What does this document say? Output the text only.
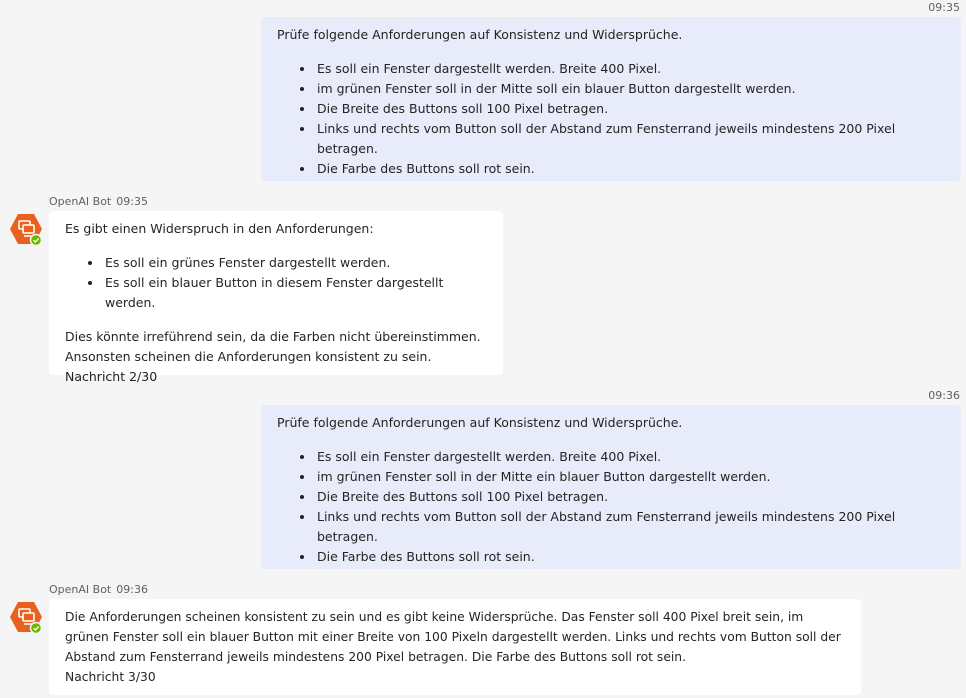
09:35

Prüfe folgende Anforderungen auf Konsistenz und Widersprüche.

• Es soll ein Fenster dargestellt werden. Breite 400 Pixel.
• im grünen Fenster soll in der Mitte soll ein blauer Button dargestellt werden.
• Die Breite des Buttons soll 100 Pixel betragen.
• Links und rechts vom Button soll der Abstand zum Fensterrand jeweils mindestens 200 Pixel betragen.
• Die Farbe des Buttons soll rot sein.
OpenAI Bot 09:35

Es gibt einen Widerspruch in den Anforderungen:

• Es soll ein grünes Fenster dargestellt werden.
• Es soll ein blauer Button in diesem Fenster dargestellt werden.

Dies könnte irreführend sein, da die Farben nicht übereinstimmen.

Ansonsten scheinen die Anforderungen konsistent zu sein.

Nachricht 2/30

09:36

Prüfe folgende Anforderungen auf Konsistenz und Widersprüche.

• Es soll ein Fenster dargestellt werden. Breite 400 Pixel.
• im grünen Fenster soll in der Mitte ein blauer Button dargestellt werden.
• Die Breite des Buttons soll 100 Pixel betragen.
• Links und rechts vom Button soll der Abstand zum Fensterrand jeweils mindestens 200 Pixel betragen.
• Die Farbe des Buttons soll rot sein.
OpenAI Bot 09:36

Die Anforderungen scheinen konsistent zu sein und es gibt keine Widersprüche. Das Fenster soll 400 Pixel breit sein, im

grünen Fenster soll ein blauer Button mit einer Breite von 100 Pixeln dargestellt werden. Links und rechts vom Button soll der

Abstand zum Fensterrand jeweils mindestens 200 Pixel betragen. Die Farbe des Buttons soll rot sein.

Nachricht 3/30
